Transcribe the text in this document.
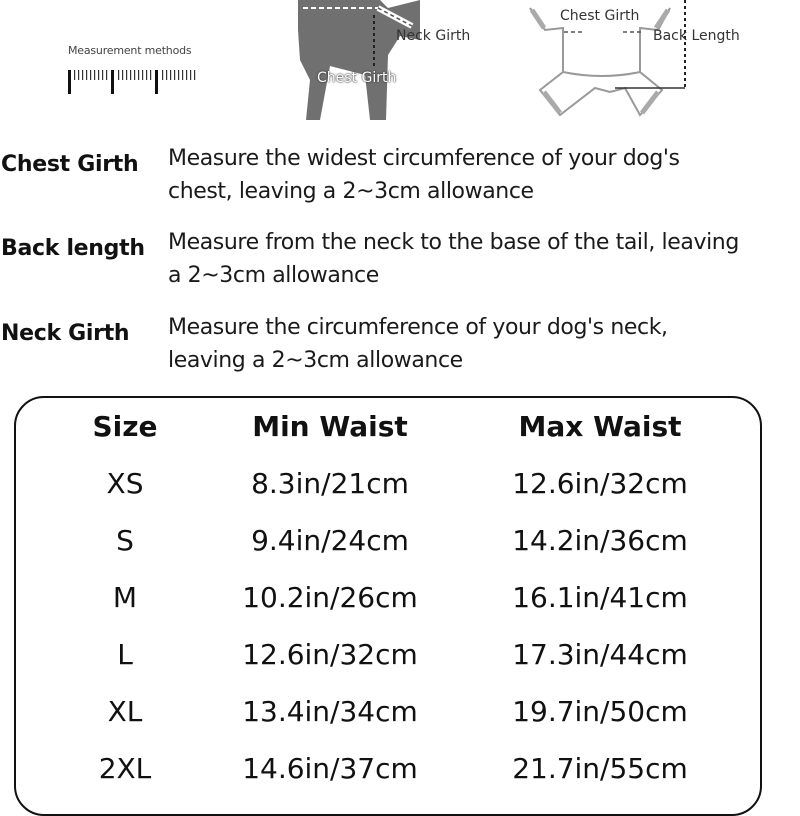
Measurement methods
Neck Girth
Chest Girth
Chest Girth
Back Length
Chest Girth Measure the widest circumference of your dog's
chest, leaving a 2~3cm allowance
Back length Measure from the neck to the base of the tail, leaving
a 2~3cm allowance
Neck Girth Measure the circumference of your dog's neck,
leaving a 2~3cm allowance
Size	Min Waist	Max Waist
XS	8.3in/21cm	12.6in/32cm
S	9.4in/24cm	14.2in/36cm
M	10.2in/26cm	16.1in/41cm
L	12.6in/32cm	17.3in/44cm
XL	13.4in/34cm	19.7in/50cm
2XL	14.6in/37cm	21.7in/55cm
